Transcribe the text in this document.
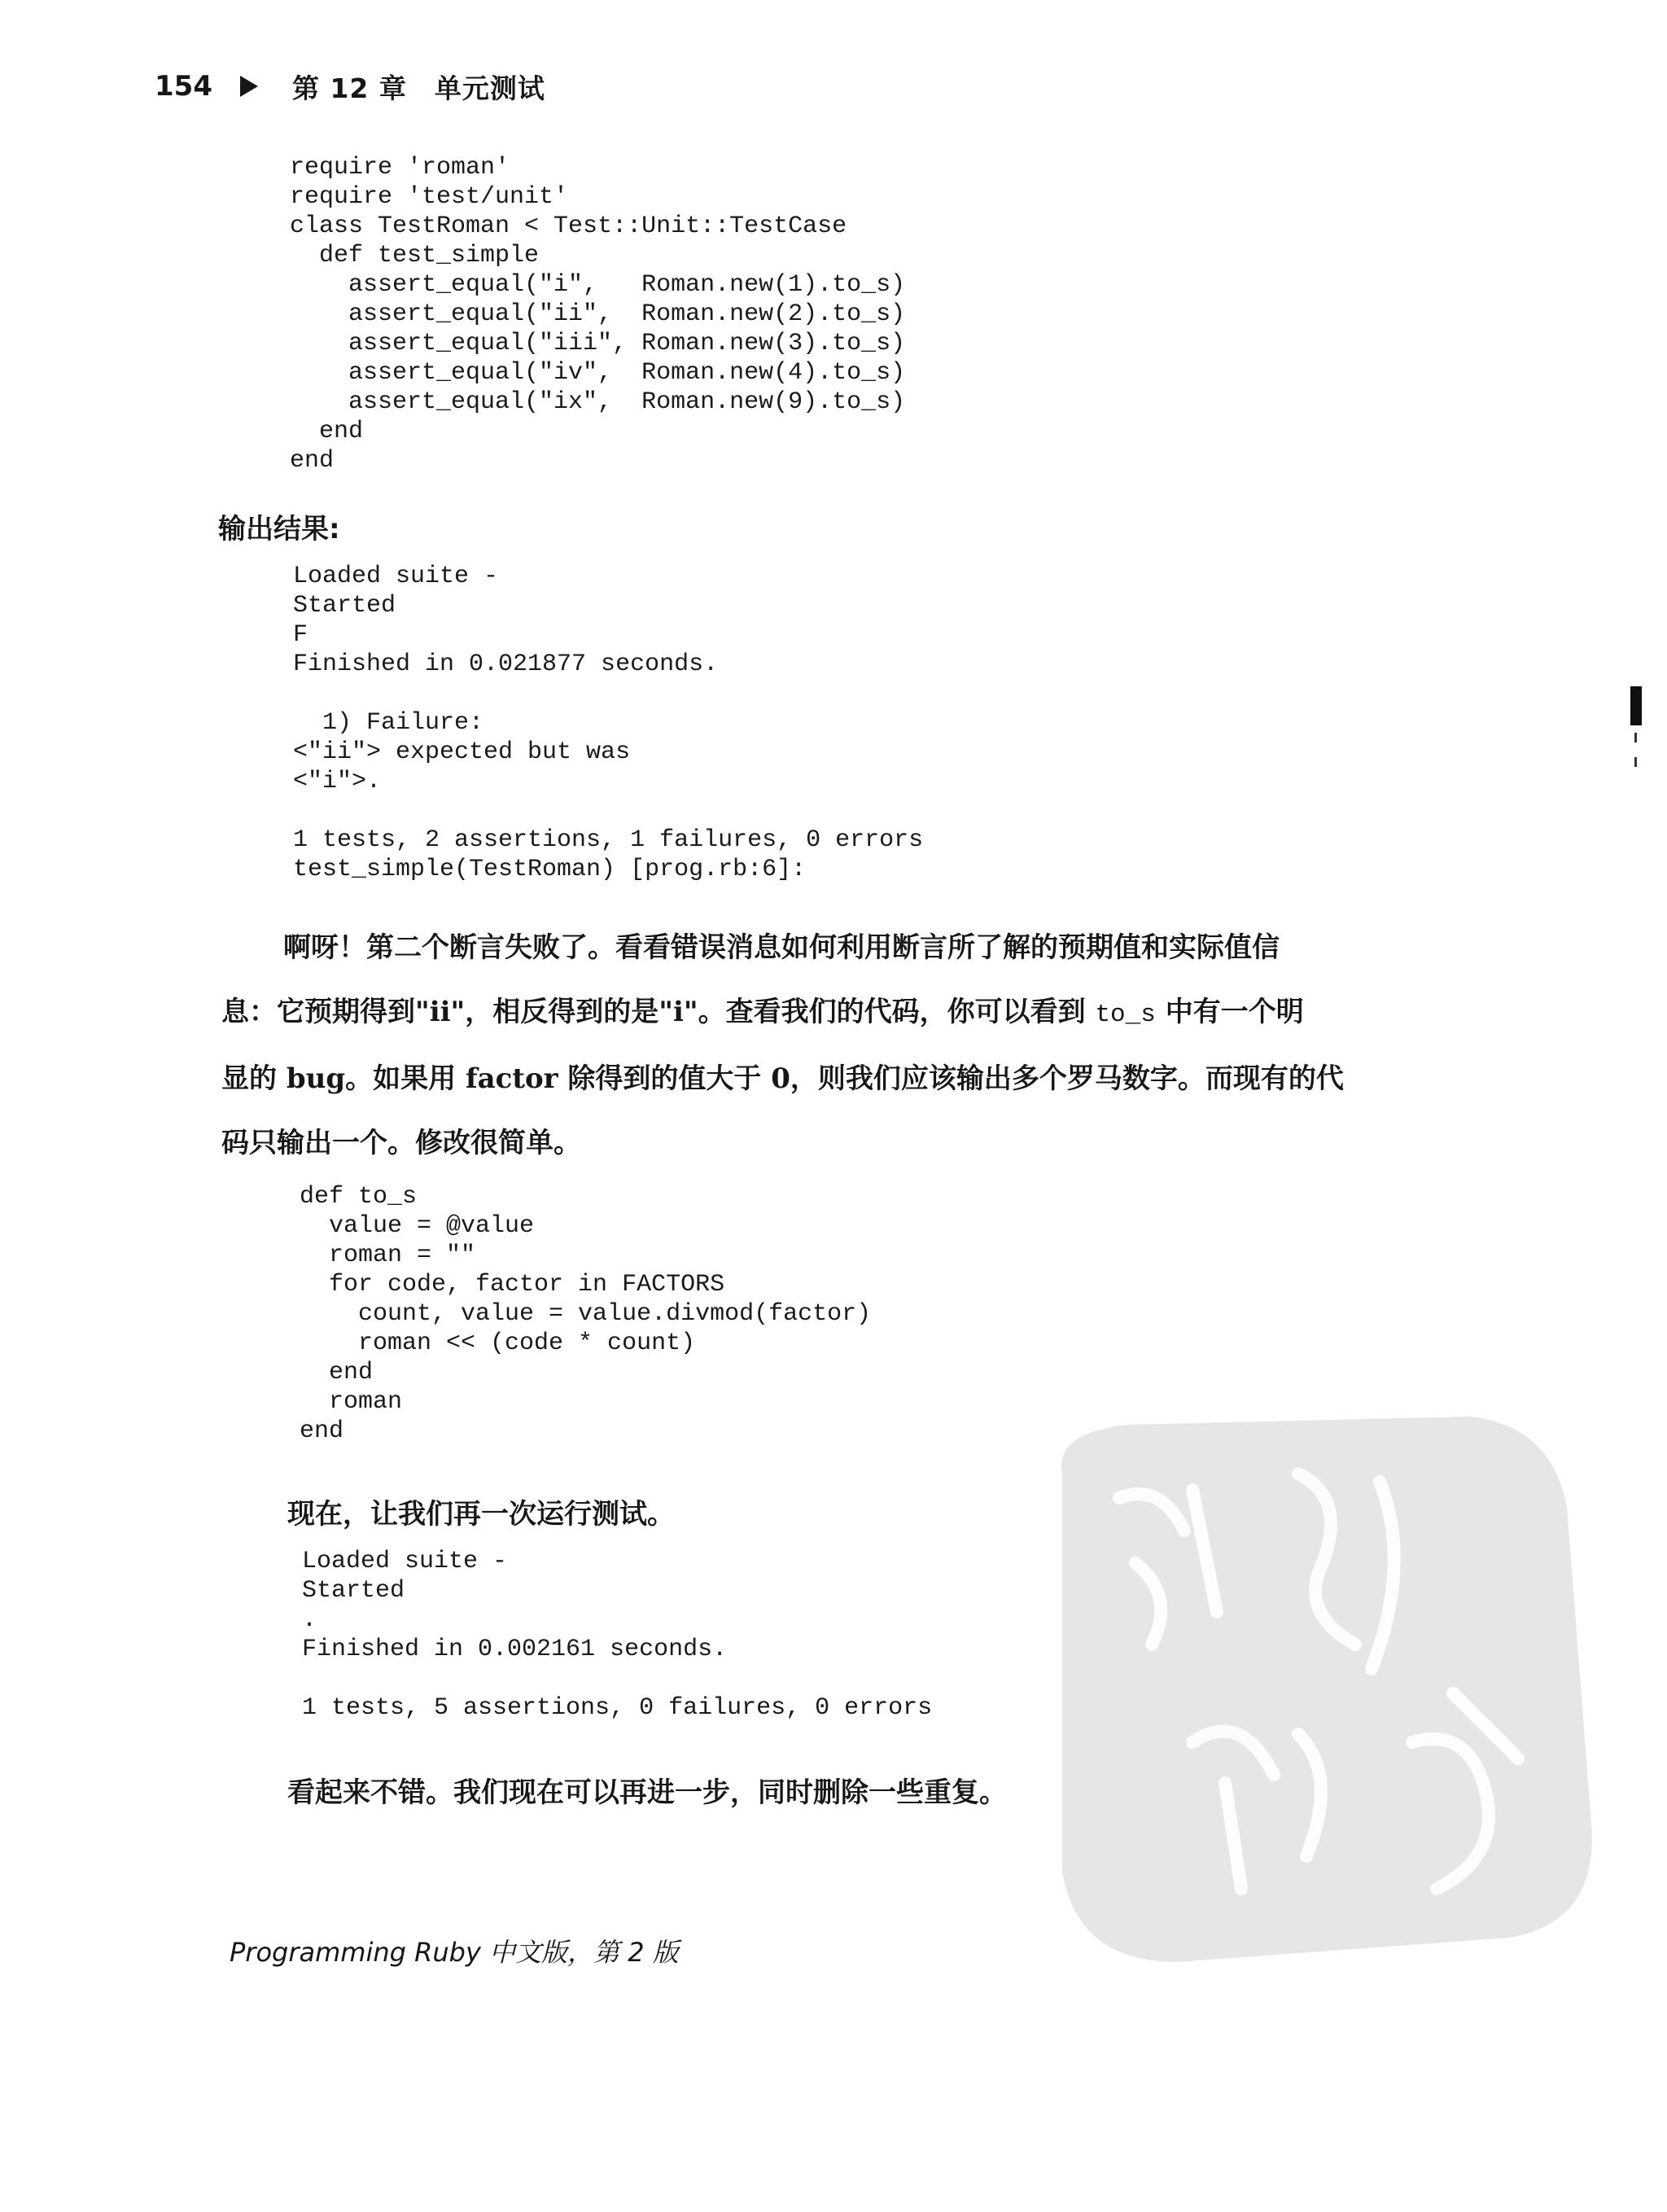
154	第 12 章　单元测试
require 'roman'
require 'test/unit'
class TestRoman < Test::Unit::TestCase
def test_simple
assert_equal("i",   Roman.new(1).to_s)
assert_equal("ii",  Roman.new(2).to_s)
assert_equal("iii", Roman.new(3).to_s)
assert_equal("iv",  Roman.new(4).to_s)
assert_equal("ix",  Roman.new(9).to_s)
end
end
输出结果:
Loaded suite -
Started
F
Finished in 0.021877 seconds.

1) Failure:
<"ii"> expected but was
<"i">.

1 tests, 2 assertions, 1 failures, 0 errors
test_simple(TestRoman) [prog.rb:6]:
啊呀！第二个断言失败了。看看错误消息如何利用断言所了解的预期值和实际值信
息：它预期得到"ii"，相反得到的是"i"。查看我们的代码，你可以看到 to_s 中有一个明
显的 bug。如果用 factor 除得到的值大于 0，则我们应该输出多个罗马数字。而现有的代
码只输出一个。修改很简单。
def to_s
value = @value
roman = ""
for code, factor in FACTORS
count, value = value.divmod(factor)
roman << (code * count)
end
roman
end
现在，让我们再一次运行测试。
Loaded suite -
Started
.
Finished in 0.002161 seconds.

1 tests, 5 assertions, 0 failures, 0 errors
看起来不错。我们现在可以再进一步，同时删除一些重复。
Programming Ruby 中文版，第 2 版
